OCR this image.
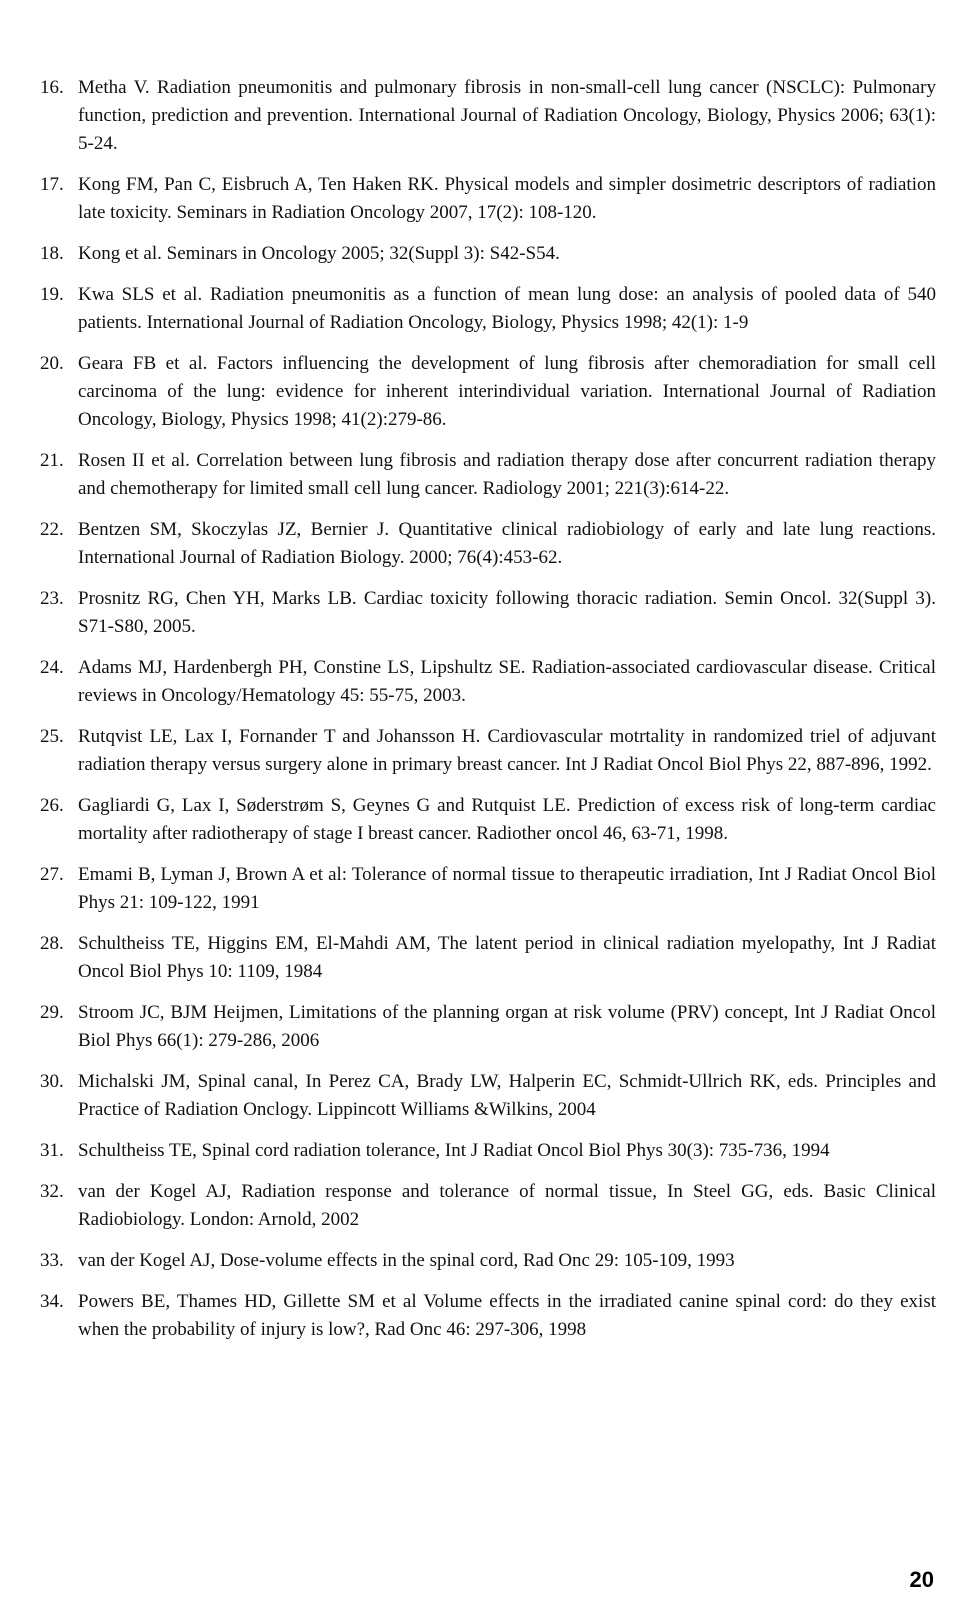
16. Metha V. Radiation pneumonitis and pulmonary fibrosis in non-small-cell lung cancer (NSCLC): Pulmonary function, prediction and prevention. International Journal of Radiation Oncology, Biology, Physics 2006; 63(1): 5-24.
17. Kong FM, Pan C, Eisbruch A, Ten Haken RK. Physical models and simpler dosimetric descriptors of radiation late toxicity. Seminars in Radiation Oncology 2007, 17(2): 108-120.
18. Kong et al. Seminars in Oncology 2005; 32(Suppl 3): S42-S54.
19. Kwa SLS et al. Radiation pneumonitis as a function of mean lung dose: an analysis of pooled data of 540 patients. International Journal of Radiation Oncology, Biology, Physics 1998; 42(1): 1-9
20. Geara FB et al. Factors influencing the development of lung fibrosis after chemoradiation for small cell carcinoma of the lung: evidence for inherent interindividual variation. International Journal of Radiation Oncology, Biology, Physics 1998; 41(2):279-86.
21. Rosen II et al. Correlation between lung fibrosis and radiation therapy dose after concurrent radiation therapy and chemotherapy for limited small cell lung cancer. Radiology 2001; 221(3):614-22.
22. Bentzen SM, Skoczylas JZ, Bernier J. Quantitative clinical radiobiology of early and late lung reactions. International Journal of Radiation Biology. 2000; 76(4):453-62.
23. Prosnitz RG, Chen YH, Marks LB. Cardiac toxicity following thoracic radiation. Semin Oncol. 32(Suppl 3). S71-S80, 2005.
24. Adams MJ, Hardenbergh PH, Constine LS, Lipshultz SE. Radiation-associated cardiovascular disease. Critical reviews in Oncology/Hematology 45: 55-75, 2003.
25. Rutqvist LE, Lax I, Fornander T and Johansson H. Cardiovascular motrtality in randomized triel of adjuvant radiation therapy versus surgery alone in primary breast cancer. Int J Radiat Oncol Biol Phys 22, 887-896, 1992.
26. Gagliardi G, Lax I, Søderstrøm S, Geynes G and Rutquist LE. Prediction of excess risk of long-term cardiac mortality after radiotherapy of stage I breast cancer. Radiother oncol 46, 63-71, 1998.
27. Emami B, Lyman J, Brown A et al: Tolerance of normal tissue to therapeutic irradiation, Int J Radiat Oncol Biol Phys 21: 109-122, 1991
28. Schultheiss TE, Higgins EM, El-Mahdi AM, The latent period in clinical radiation myelopathy, Int J Radiat Oncol Biol Phys 10: 1109, 1984
29. Stroom JC, BJM Heijmen, Limitations of the planning organ at risk volume (PRV) concept, Int J Radiat Oncol Biol Phys 66(1): 279-286, 2006
30. Michalski JM, Spinal canal, In Perez CA, Brady LW, Halperin EC, Schmidt-Ullrich RK, eds. Principles and Practice of Radiation Onclogy. Lippincott Williams &Wilkins, 2004
31. Schultheiss TE, Spinal cord radiation tolerance, Int J Radiat Oncol Biol Phys 30(3): 735-736, 1994
32. van der Kogel AJ, Radiation response and tolerance of normal tissue, In Steel GG, eds. Basic Clinical Radiobiology. London: Arnold, 2002
33. van der Kogel AJ, Dose-volume effects in the spinal cord, Rad Onc 29: 105-109, 1993
34. Powers BE, Thames HD, Gillette SM et al Volume effects in the irradiated canine spinal cord: do they exist when the probability of injury is low?, Rad Onc 46: 297-306, 1998
20
